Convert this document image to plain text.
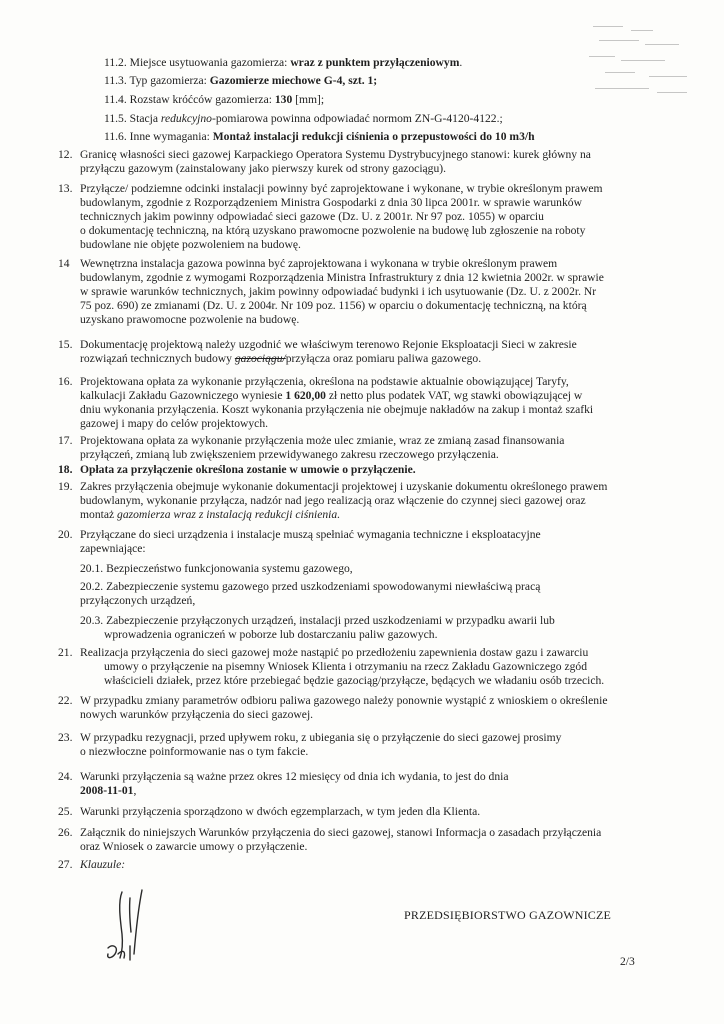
11.2. Miejsce usytuowania gazomierza: wraz z punktem przyłączeniowym.
11.3. Typ gazomierza: Gazomierze miechowe G-4, szt. 1;
11.4. Rozstaw króćców gazomierza: 130 [mm];
11.5. Stacja redukcyjno-pomiarowa powinna odpowiadać normom ZN-G-4120-4122.;
11.6. Inne wymagania: Montaż instalacji redukcji ciśnienia o przepustowości do 10 m3/h
12. Granicę własności sieci gazowej Karpackiego Operatora Systemu Dystrybucyjnego stanowi: kurek główny na
przyłączu gazowym (zainstalowany jako pierwszy kurek od strony gazociągu).
13. Przyłącze/ podziemne odcinki instalacji powinny być zaprojektowane i wykonane, w trybie określonym prawem
budowlanym, zgodnie z Rozporządzeniem Ministra Gospodarki z dnia 30 lipca 2001r. w sprawie warunków
technicznych jakim powinny odpowiadać sieci gazowe (Dz. U. z 2001r. Nr 97 poz. 1055) w oparciu
o dokumentację techniczną, na którą uzyskano prawomocne pozwolenie na budowę lub zgłoszenie na roboty
budowlane nie objęte pozwoleniem na budowę.
14 Wewnętrzna instalacja gazowa powinna być zaprojektowana i wykonana w trybie określonym prawem
budowlanym, zgodnie z wymogami Rozporządzenia Ministra Infrastruktury z dnia 12 kwietnia 2002r. w sprawie
w sprawie warunków technicznych, jakim powinny odpowiadać budynki i ich usytuowanie (Dz. U. z 2002r. Nr
75 poz. 690) ze zmianami (Dz. U. z 2004r. Nr 109 poz. 1156) w oparciu o dokumentację techniczną, na którą
uzyskano prawomocne pozwolenie na budowę.
15. Dokumentację projektową należy uzgodnić we właściwym terenowo Rejonie Eksploatacji Sieci w zakresie
rozwiązań technicznych budowy gazociągu/przyłącza oraz pomiaru paliwa gazowego.
16. Projektowana opłata za wykonanie przyłączenia, określona na podstawie aktualnie obowiązującej Taryfy,
kalkulacji Zakładu Gazowniczego wyniesie 1 620,00 zł netto plus podatek VAT, wg stawki obowiązującej w
dniu wykonania przyłączenia. Koszt wykonania przyłączenia nie obejmuje nakładów na zakup i montaż szafki
gazowej i mapy do celów projektowych.
17. Projektowana opłata za wykonanie przyłączenia może ulec zmianie, wraz ze zmianą zasad finansowania
przyłączeń, zmianą lub zwiększeniem przewidywanego zakresu rzeczowego przyłączenia.
18. Opłata za przyłączenie określona zostanie w umowie o przyłączenie.
19. Zakres przyłączenia obejmuje wykonanie dokumentacji projektowej i uzyskanie dokumentu określonego prawem
budowlanym, wykonanie przyłącza, nadzór nad jego realizacją oraz włączenie do czynnej sieci gazowej oraz
montaż gazomierza wraz z instalacją redukcji ciśnienia.
20. Przyłączane do sieci urządzenia i instalacje muszą spełniać wymagania techniczne i eksploatacyjne
zapewniające:
20.1. Bezpieczeństwo funkcjonowania systemu gazowego,
20.2. Zabezpieczenie systemu gazowego przed uszkodzeniami spowodowanymi niewłaściwą pracą
przyłączonych urządzeń,
20.3. Zabezpieczenie przyłączonych urządzeń, instalacji przed uszkodzeniami w przypadku awarii lub
wprowadzenia ograniczeń w poborze lub dostarczaniu paliw gazowych.
21. Realizacja przyłączenia do sieci gazowej może nastąpić po przedłożeniu zapewnienia dostaw gazu i zawarciu
umowy o przyłączenie na pisemny Wniosek Klienta i otrzymaniu na rzecz Zakładu Gazowniczego zgód
właścicieli działek, przez które przebiegać będzie gazociąg/przyłącze, będących we władaniu osób trzecich.
22. W przypadku zmiany parametrów odbioru paliwa gazowego należy ponownie wystąpić z wnioskiem o określenie
nowych warunków przyłączenia do sieci gazowej.
23. W przypadku rezygnacji, przed upływem roku, z ubiegania się o przyłączenie do sieci gazowej prosimy
o niezwłoczne poinformowanie nas o tym fakcie.
24. Warunki przyłączenia są ważne przez okres 12 miesięcy od dnia ich wydania, to jest do dnia
2008-11-01,
25. Warunki przyłączenia sporządzono w dwóch egzemplarzach, w tym jeden dla Klienta.
26. Załącznik do niniejszych Warunków przyłączenia do sieci gazowej, stanowi Informacja o zasadach przyłączenia
oraz Wniosek o zawarcie umowy o przyłączenie.
27. Klauzule:
PRZEDSIĘBIORSTWO GAZOWNICZE
2/3
